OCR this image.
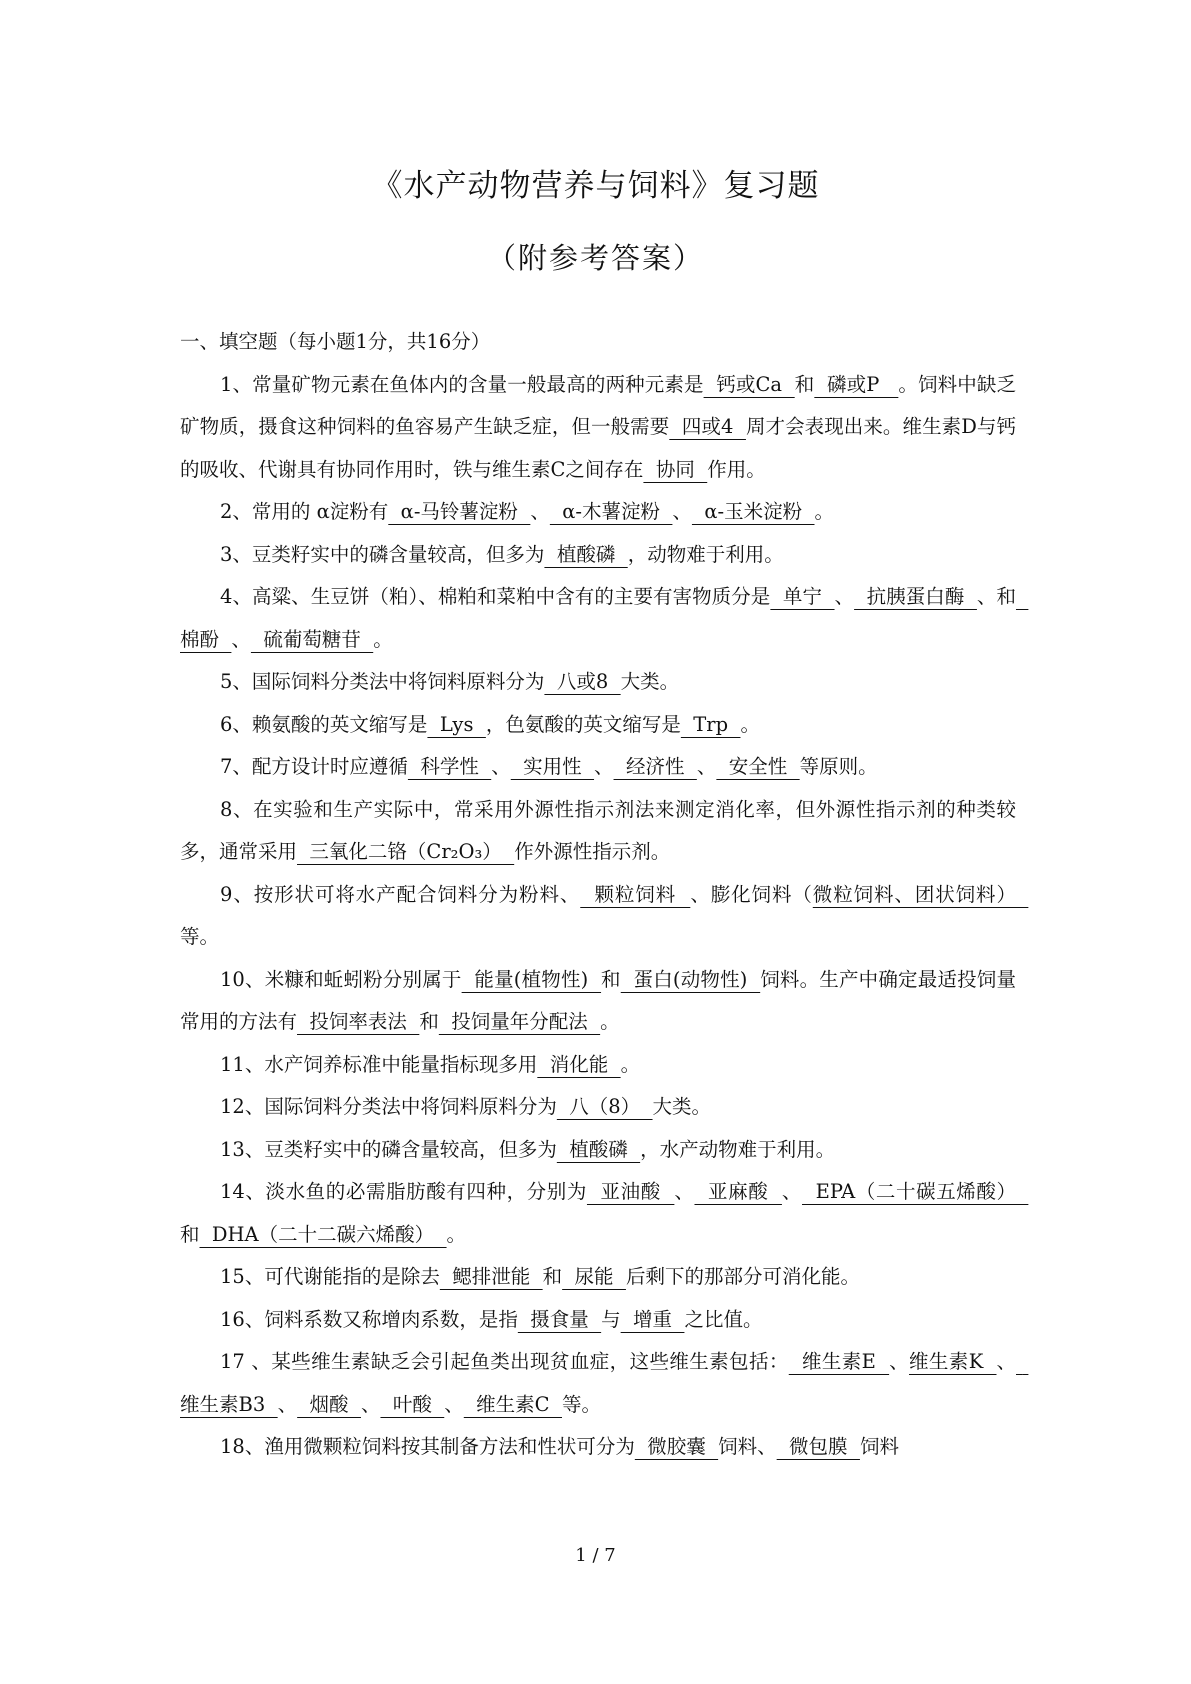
《水产动物营养与饲料》复习题
（附参考答案）

一、填空题（每小题1分，共16分）

1、常量矿物元素在鱼体内的含量一般最高的两种元素是  钙或Ca  和  磷或P   。饲料中缺乏矿物质，摄食这种饲料的鱼容易产生缺乏症，但一般需要  四或4  周才会表现出来。维生素D与钙的吸收、代谢具有协同作用时，铁与维生素C之间存在  协同  作用。

2、常用的 α淀粉有  α-马铃薯淀粉  、  α-木薯淀粉  、  α-玉米淀粉  。

3、豆类籽实中的磷含量较高，但多为  植酸磷  ，动物难于利用。

4、高粱、生豆饼（粕）、棉粕和菜粕中含有的主要有害物质分是  单宁  、  抗胰蛋白酶  、和  棉酚  、  硫葡萄糖苷  。

5、国际饲料分类法中将饲料原料分为  八或8  大类。

6、赖氨酸的英文缩写是  Lys  ，色氨酸的英文缩写是  Trp  。

7、配方设计时应遵循  科学性  、  实用性  、  经济性  、  安全性  等原则。

8、在实验和生产实际中，常采用外源性指示剂法来测定消化率，但外源性指示剂的种类较多，通常采用  三氧化二铬（Cr₂O₃）  作外源性指示剂。

9、按形状可将水产配合饲料分为粉料、  颗粒饲料  、膨化饲料（微粒饲料、团状饲料）  等。

10、米糠和蚯蚓粉分别属于  能量(植物性)  和  蛋白(动物性)  饲料。生产中确定最适投饲量常用的方法有  投饲率表法  和  投饲量年分配法  。

11、水产饲养标准中能量指标现多用  消化能  。

12、国际饲料分类法中将饲料原料分为  八（8）  大类。

13、豆类籽实中的磷含量较高，但多为  植酸磷  ，水产动物难于利用。

14、淡水鱼的必需脂肪酸有四种，分别为  亚油酸  、  亚麻酸  、  EPA（二十碳五烯酸）  和  DHA（二十二碳六烯酸）  。

15、可代谢能指的是除去  鳃排泄能  和  尿能  后剩下的那部分可消化能。

16、饲料系数又称增肉系数，是指  摄食量  与  增重  之比值。

17 、某些维生素缺乏会引起鱼类出现贫血症，这些维生素包括：  维生素E  、维生素K  、  维生素B3  、  烟酸  、  叶酸  、  维生素C  等。

18、渔用微颗粒饲料按其制备方法和性状可分为  微胶囊  饲料、  微包膜  饲料

1 / 7
